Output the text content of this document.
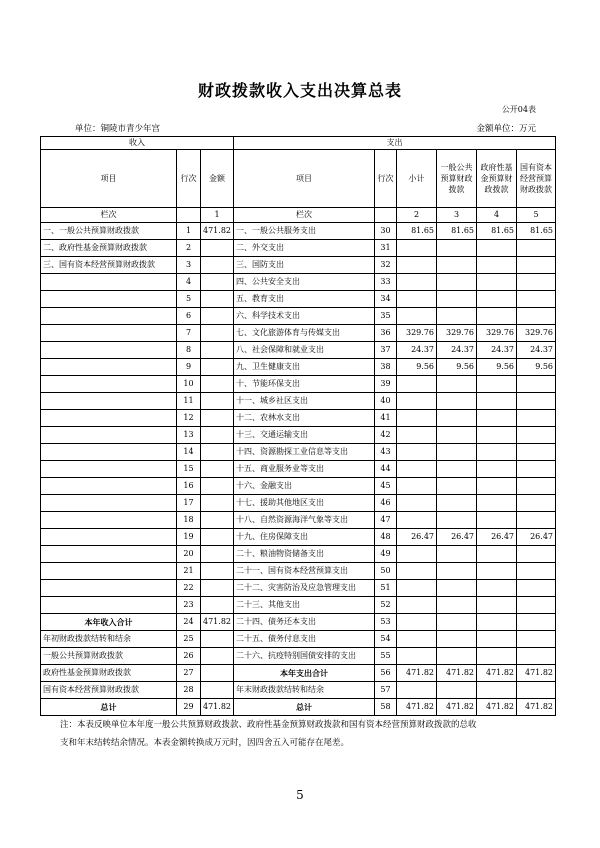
财政拨款收入支出决算总表
公开04表
单位：铜陵市青少年宫	金额单位：万元
收入			支出					
项目	行次	金额	项目	行次	小计	一般公共预算财政拨款	政府性基金预算财政拨款	国有资本经营预算财政拨款
栏次		1	栏次		2	3	4	5
一、一般公共预算财政拨款	1	471.82	一、一般公共服务支出	30	81.65	81.65	81.65	81.65
二、政府性基金预算财政拨款	2		二、外交支出	31				
三、国有资本经营预算财政拨款	3		三、国防支出	32				
	4		四、公共安全支出	33				
	5		五、教育支出	34				
	6		六、科学技术支出	35				
	7		七、文化旅游体育与传媒支出	36	329.76	329.76	329.76	329.76
	8		八、社会保障和就业支出	37	24.37	24.37	24.37	24.37
	9		九、卫生健康支出	38	9.56	9.56	9.56	9.56
	10		十、节能环保支出	39				
	11		十一、城乡社区支出	40				
	12		十二、农林水支出	41				
	13		十三、交通运输支出	42				
	14		十四、资源勘探工业信息等支出	43				
	15		十五、商业服务业等支出	44				
	16		十六、金融支出	45				
	17		十七、援助其他地区支出	46				
	18		十八、自然资源海洋气象等支出	47				
	19		十九、住房保障支出	48	26.47	26.47	26.47	26.47
	20		二十、粮油物资储备支出	49				
	21		二十一、国有资本经营预算支出	50				
	22		二十二、灾害防治及应急管理支出	51				
	23		二十三、其他支出	52				
本年收入合计	24	471.82	二十四、债务还本支出	53				
年初财政拨款结转和结余	25		二十五、债务付息支出	54				
一般公共预算财政拨款	26		二十六、抗疫特别国债安排的支出	55				
政府性基金预算财政拨款	27		本年支出合计	56	471.82	471.82	471.82	471.82
国有资本经营预算财政拨款	28		年末财政拨款结转和结余	57				
总计	29	471.82	总计	58	471.82	471.82	471.82	471.82
注：本表反映单位本年度一般公共预算财政拨款、政府性基金预算财政拨款和国有资本经营预算财政拨款的总收
支和年末结转结余情况。本表金额转换成万元时，因四舍五入可能存在尾差。
5
